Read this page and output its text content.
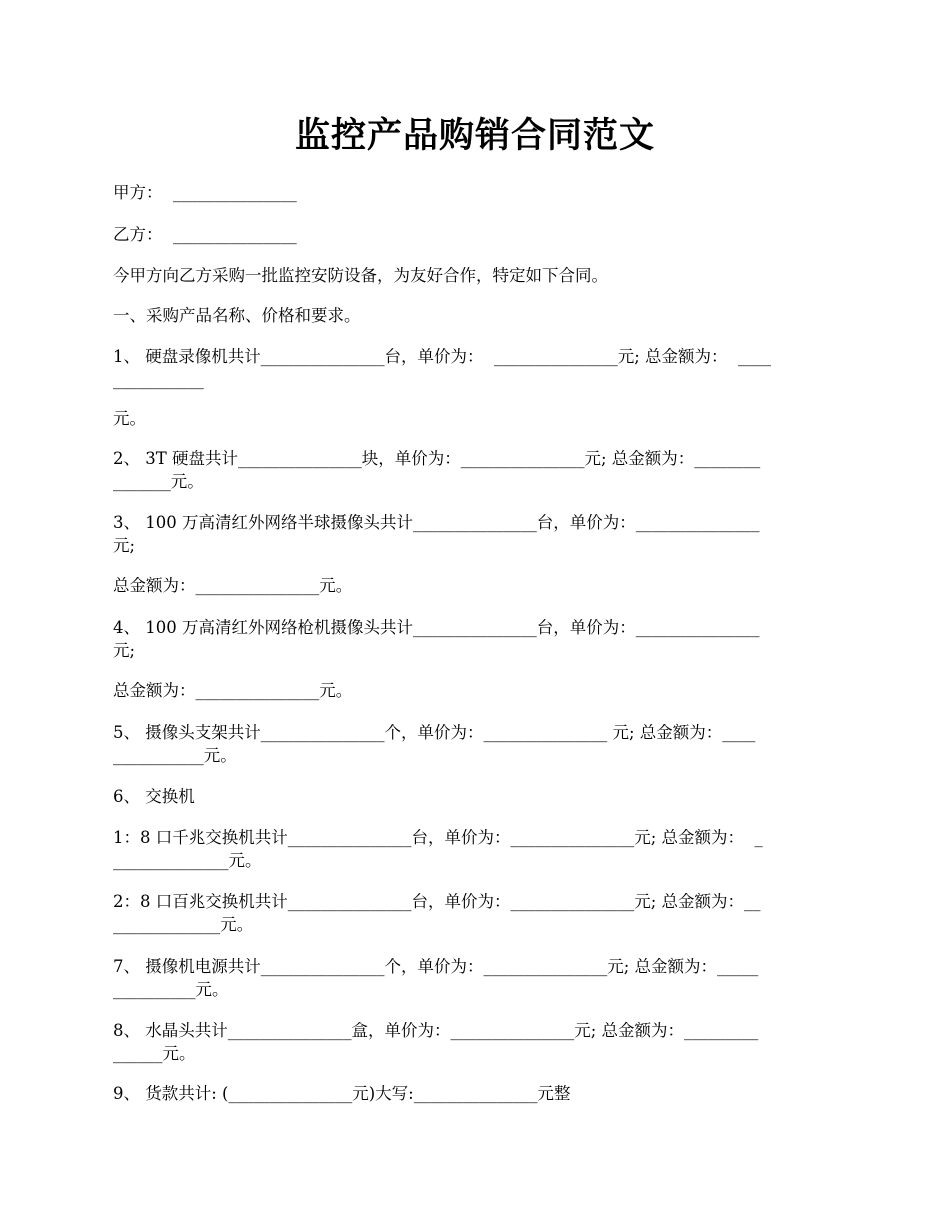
监控产品购销合同范文
甲方：  _______________
乙方：  _______________
今甲方向乙方采购一批监控安防设备，为友好合作，特定如下合同。
一、采购产品名称、价格和要求。
1、 硬盘录像机共计_______________台，单价为：  _______________元; 总金额为：  ____
___________
元。
2、 3T 硬盘共计_______________块，单价为：_______________元; 总金额为：________
_______元。
3、 100 万高清红外网络半球摄像头共计_______________台，单价为：_______________
元;
总金额为：_______________元。
4、 100 万高清红外网络枪机摄像头共计_______________台，单价为：_______________
元;
总金额为：_______________元。
5、 摄像头支架共计_______________个，单价为：_______________ 元; 总金额为：____
___________元。
6、 交换机
1：8 口千兆交换机共计_______________台，单价为：_______________元; 总金额为：  _
______________元。
2：8 口百兆交换机共计_______________台，单价为：_______________元; 总金额为：__
_____________元。
7、 摄像机电源共计_______________个，单价为：_______________元; 总金额为：_____
__________元。
8、 水晶头共计_______________盒，单价为：_______________元; 总金额为：_________
______元。
9、 货款共计: (_______________元)大写:_______________元整
